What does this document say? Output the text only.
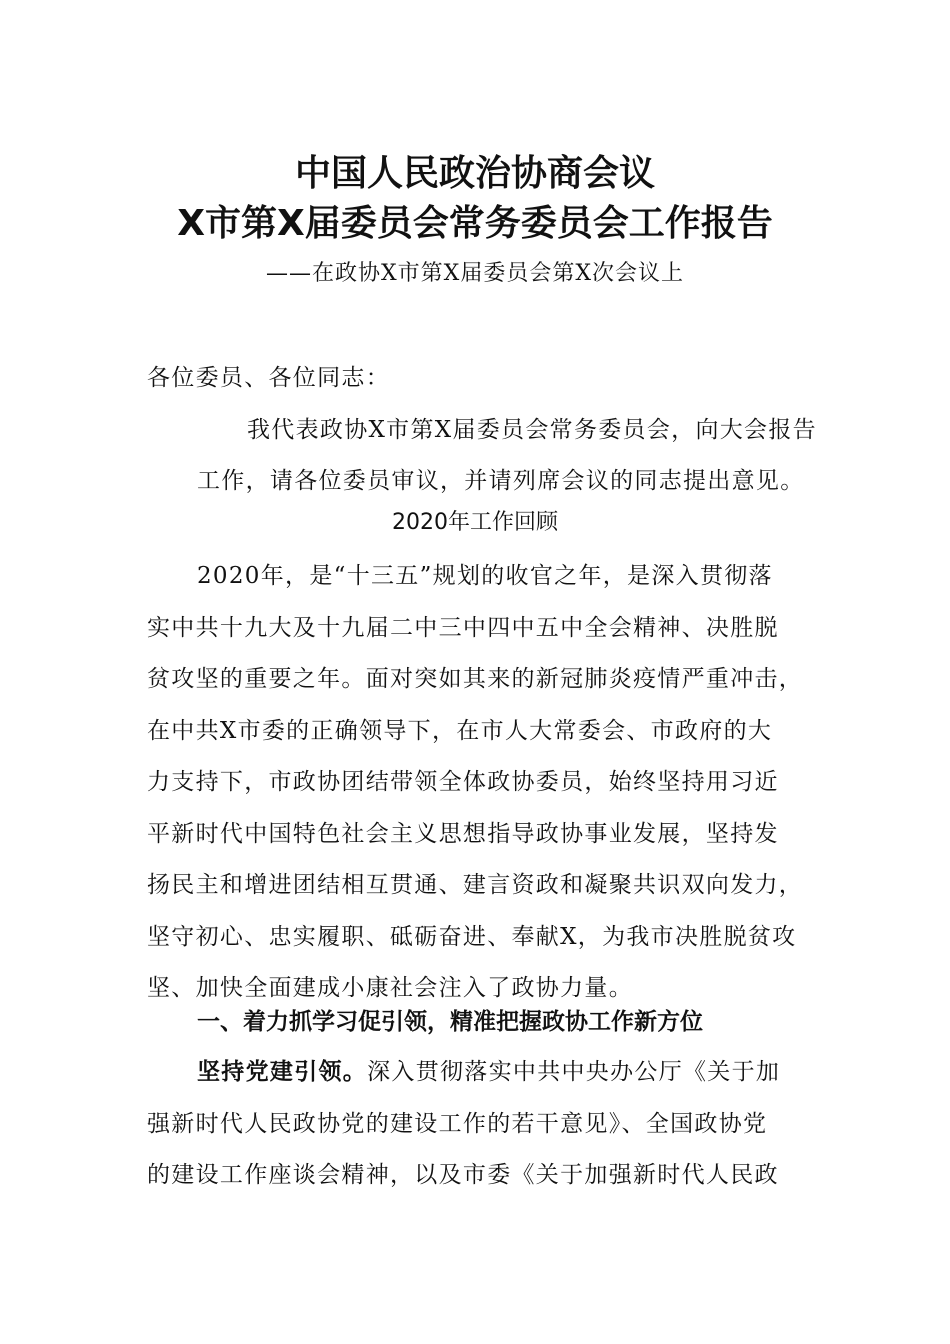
中国人民政治协商会议
X市第X届委员会常务委员会工作报告
——在政协X市第X届委员会第X次会议上

各位委员、各位同志：

我代表政协X市第X届委员会常务委员会，向大会报告
工作，请各位委员审议，并请列席会议的同志提出意见。

2020年工作回顾
2020年，是“十三五”规划的收官之年，是深入贯彻落
实中共十九大及十九届二中三中四中五中全会精神、决胜脱
贫攻坚的重要之年。面对突如其来的新冠肺炎疫情严重冲击，
在中共X市委的正确领导下，在市人大常委会、市政府的大
力支持下，市政协团结带领全体政协委员，始终坚持用习近
平新时代中国特色社会主义思想指导政协事业发展，坚持发
扬民主和增进团结相互贯通、建言资政和凝聚共识双向发力，
坚守初心、忠实履职、砥砺奋进、奉献X，为我市决胜脱贫攻
坚、加快全面建成小康社会注入了政协力量。
一、着力抓学习促引领，精准把握政协工作新方位
坚持党建引领。深入贯彻落实中共中央办公厅《关于加
强新时代人民政协党的建设工作的若干意见》、全国政协党
的建设工作座谈会精神，以及市委《关于加强新时代人民政
